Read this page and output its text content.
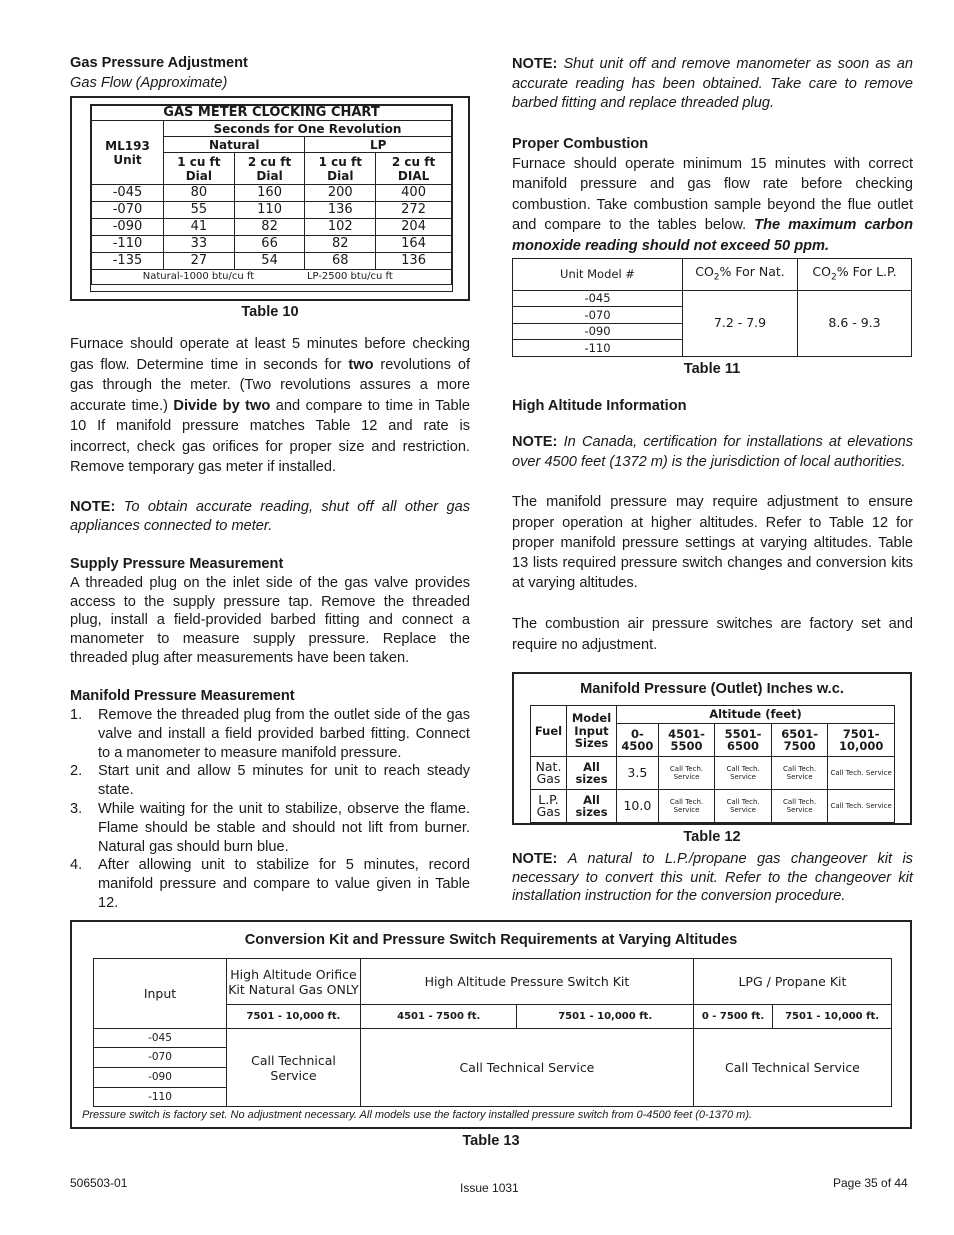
Gas Pressure Adjustment
Gas Flow (Approximate)
GAS METER CLOCKING CHART				
ML193 Unit	Seconds for One Revolution			
	Natural		LP	
	1 cu ft Dial	2 cu ft Dial	1 cu ft Dial	2 cu ft DIAL
-045	80	160	200	400
-070	55	110	136	272
-090	41	82	102	204
-110	33	66	82	164
-135	27	54	68	136
Natural-1000 btu/cu ft			LP-2500 btu/cu ft	
Table 10

Furnace should operate at least 5 minutes before checking gas flow. Determine time in seconds for two revolutions of gas through the meter. (Two revolutions assures a more accurate time.) Divide by two and compare to time in Table 10 If manifold pressure matches Table 12 and rate is incorrect, check gas orifices for proper size and restriction. Remove temporary gas meter if installed.

NOTE: To obtain accurate reading, shut off all other gas appliances connected to meter.

Supply Pressure Measurement

A threaded plug on the inlet side of the gas valve provides access to the supply pressure tap. Remove the threaded plug, install a field-provided barbed fitting and connect a manometer to measure supply pressure. Replace the threaded plug after measurements have been taken.

Manifold Pressure Measurement
1. Remove the threaded plug from the outlet side of the gas valve and install a field provided barbed fitting. Connect to a manometer to measure manifold pressure.
2. Start unit and allow 5 minutes for unit to reach steady state.
3. While waiting for the unit to stabilize, observe the flame. Flame should be stable and should not lift from burner. Natural gas should burn blue.
4. After allowing unit to stabilize for 5 minutes, record manifold pressure and compare to value given in Table 12.

NOTE: Shut unit off and remove manometer as soon as an accurate reading has been obtained. Take care to remove barbed fitting and replace threaded plug.

Proper Combustion

Furnace should operate minimum 15 minutes with correct manifold pressure and gas flow rate before checking combustion. Take combustion sample beyond the flue outlet and compare to the tables below. The maximum carbon monoxide reading should not exceed 50 ppm.

Unit Model #	$CO_2\%$ For Nat.	$CO_2\%$ For L.P.
-045	7.2 - 7.9	8.6 - 9.3
-070		
-090		
-110		
Table 11
High Altitude Information

NOTE: In Canada, certification for installations at elevations over 4500 feet (1372 m) is the jurisdiction of local authorities.

The manifold pressure may require adjustment to ensure proper operation at higher altitudes. Refer to Table 12 for proper manifold pressure settings at varying altitudes. Table 13 lists required pressure switch changes and conversion kits at varying altitudes.

The combustion air pressure switches are factory set and require no adjustment.

Manifold Pressure (Outlet) Inches w.c.
Fuel	Model Input Sizes	Altitude (feet)				
		0- 4500	4501- 5500	5501- 6500	6501- 7500	7501- 10,000
Nat. Gas	All sizes	3.5	Call Tech. Service	Call Tech. Service	Call Tech. Service	Call Tech. Service
L.P. Gas	All sizes	10.0	Call Tech. Service	Call Tech. Service	Call Tech. Service	Call Tech. Service
Table 12

NOTE: A natural to L.P./propane gas changeover kit is necessary to convert this unit. Refer to the changeover kit installation instruction for the conversion procedure.

Conversion Kit and Pressure Switch Requirements at Varying Altitudes
Input	High Altitude Orifice Kit Natural Gas ONLY	High Altitude Pressure Switch Kit		LPG / Propane Kit	
	7501 - 10,000 ft.	4501 - 7500 ft.	7501 - 10,000 ft.	0 - 7500 ft.	7501 - 10,000 ft.
-045	Call Technical Service	Call Technical Service		Call Technical Service	
-070					
-090					
-110					
Pressure switch is factory set. No adjustment necessary. All models use the factory installed pressure switch from 0-4500 feet (0-1370 m).
Table 13
506503-01	Issue 1031	Page 35 of 44
